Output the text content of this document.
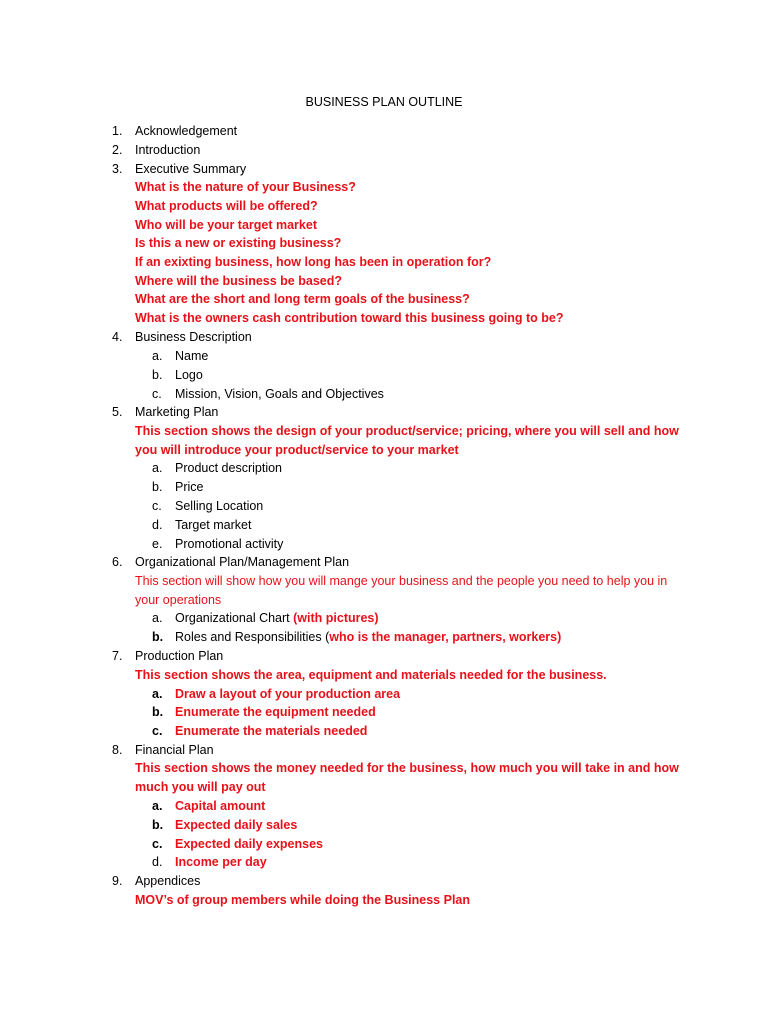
BUSINESS PLAN OUTLINE
1.	Acknowledgement
2.	Introduction
3.	Executive Summary
What is the nature of your Business?
What products will be offered?
Who will be your target market
Is this a new or existing business?
If an exixting business, how long has been in operation for?
Where will the business be based?
What are the short and long term goals of the business?
What is the owners cash contribution toward this business going to be?
4.	Business Description
a.	Name
b.	Logo
c.	Mission, Vision, Goals and Objectives
5.	Marketing Plan
This section shows the design of your product/service; pricing, where you will sell and how
you will introduce your product/service to your market
a.	Product description
b.	Price
c.	Selling Location
d.	Target market
e.	Promotional activity
6.	Organizational Plan/Management Plan
This section will show how you will mange your business and the people you need to help you in
your operations
a.	Organizational Chart (with pictures)
b. Roles and Responsibilities (who is the manager, partners, workers)
7.	Production Plan
This section shows the area, equipment and materials needed for the business.
a.	Draw a layout of your production area
b. Enumerate the equipment needed
c.	Enumerate the materials needed
8.	Financial Plan
This section shows the money needed for the business, how much you will take in and how
much you will pay out
a.	Capital amount
b. Expected daily sales
c.	Expected daily expenses
d.	Income per day
9.	Appendices
MOV’s of group members while doing the Business Plan
